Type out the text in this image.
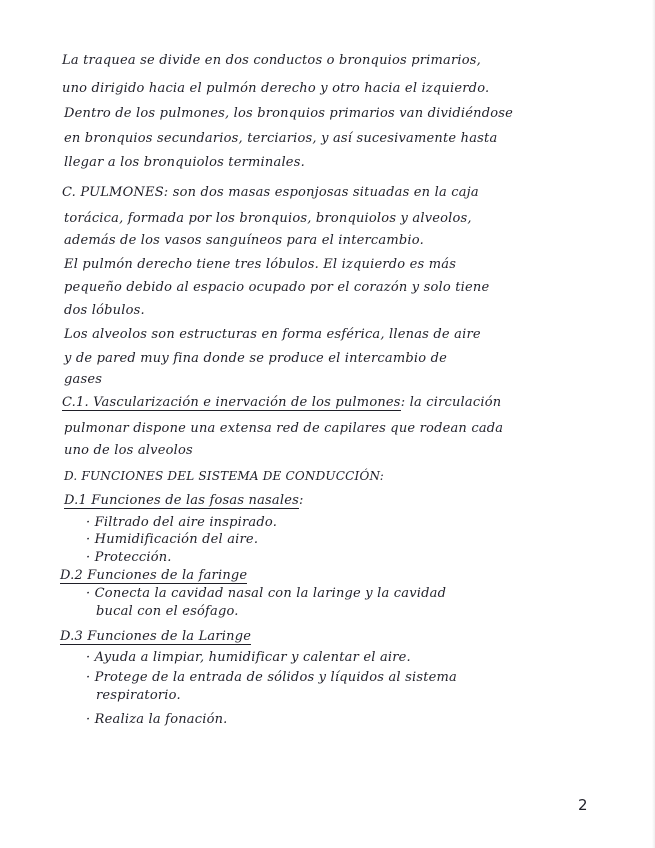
La traquea se divide en dos conductos o bronquios primarios,
uno dirigido hacia el pulmón derecho y otro hacia el izquierdo.
Dentro de los pulmones, los bronquios primarios van dividiéndose
en bronquios secundarios, terciarios, y así sucesivamente hasta
llegar a los bronquiolos terminales.
C. PULMONES: son dos masas esponjosas situadas en la caja
torácica, formada por los bronquios, bronquiolos y alveolos,
además de los vasos sanguíneos para el intercambio.
El pulmón derecho tiene tres lóbulos. El izquierdo es más
pequeño debido al espacio ocupado por el corazón y solo tiene
dos lóbulos.
Los alveolos son estructuras en forma esférica, llenas de aire
y de pared muy fina donde se produce el intercambio de
gases
C.1. Vascularización e inervación de los pulmones: la circulación
pulmonar dispone una extensa red de capilares que rodean cada
uno de los alveolos
D. FUNCIONES DEL SISTEMA DE CONDUCCIÓN:
D.1 Funciones de las fosas nasales:
· Filtrado del aire inspirado.
· Humidificación del aire.
· Protección.
D.2 Funciones de la faringe
· Conecta la cavidad nasal con la laringe y la cavidad
bucal con el esófago.
D.3 Funciones de la Laringe
· Ayuda a limpiar, humidificar y calentar el aire.
· Protege de la entrada de sólidos y líquidos al sistema
respiratorio.
· Realiza la fonación.
2
